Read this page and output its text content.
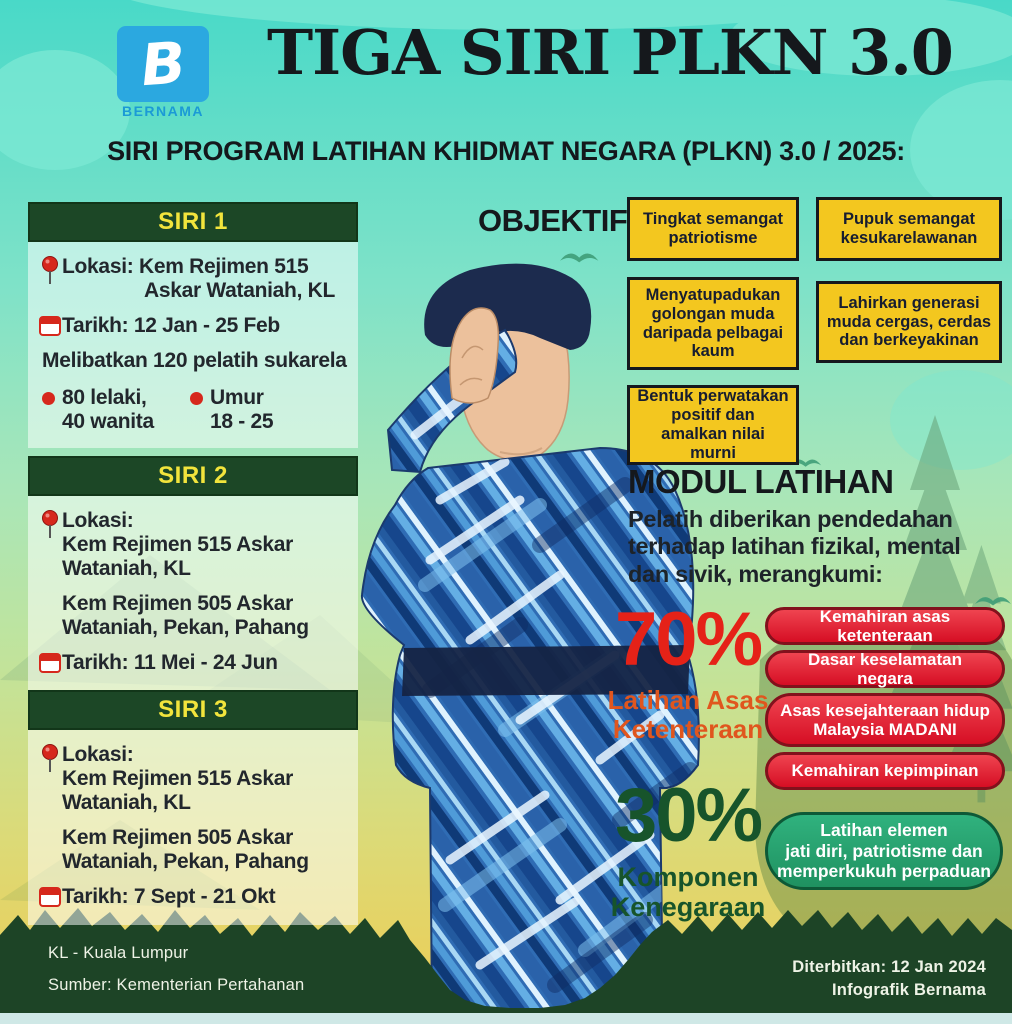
B
BERNAMA
TIGA SIRI PLKN 3.0
SIRI PROGRAM LATIHAN KHIDMAT NEGARA (PLKN) 3.0 / 2025:
SIRI 1
Lokasi: Kem Rejimen 515
Askar Wataniah, KL
Tarikh: 12 Jan - 25 Feb
Melibatkan 120 pelatih sukarela
80 lelaki,
40 wanita
Umur
18 - 25
SIRI 2
Lokasi:
Kem Rejimen 515 Askar
Wataniah, KL
Kem Rejimen 505 Askar
Wataniah, Pekan, Pahang
Tarikh: 11 Mei - 24 Jun
SIRI 3
Lokasi:
Kem Rejimen 515 Askar
Wataniah, KL
Kem Rejimen 505 Askar
Wataniah, Pekan, Pahang
Tarikh: 7 Sept - 21 Okt
OBJEKTIF Tingkat semangat patriotisme
Pupuk semangat kesukarelawanan
Menyatupadukan golongan muda daripada pelbagai kaum
Lahirkan generasi muda cergas, cerdas dan berkeyakinan
Bentuk perwatakan positif dan amalkan nilai murni
MODUL LATIHAN
Pelatih diberikan pendedahan
terhadap latihan fizikal, mental
dan sivik, merangkumi:
70%
Latihan Asas
Ketenteraan
Kemahiran asas ketenteraan
Dasar keselamatan negara
Asas kesejahteraan hidup Malaysia MADANI
Kemahiran kepimpinan
30%
Komponen
Kenegaraan
Latihan elemen
jati diri, patriotisme dan
memperkukuh perpaduan
KL - Kuala Lumpur
Sumber: Kementerian Pertahanan
Diterbitkan: 12 Jan 2024
Infografik Bernama
